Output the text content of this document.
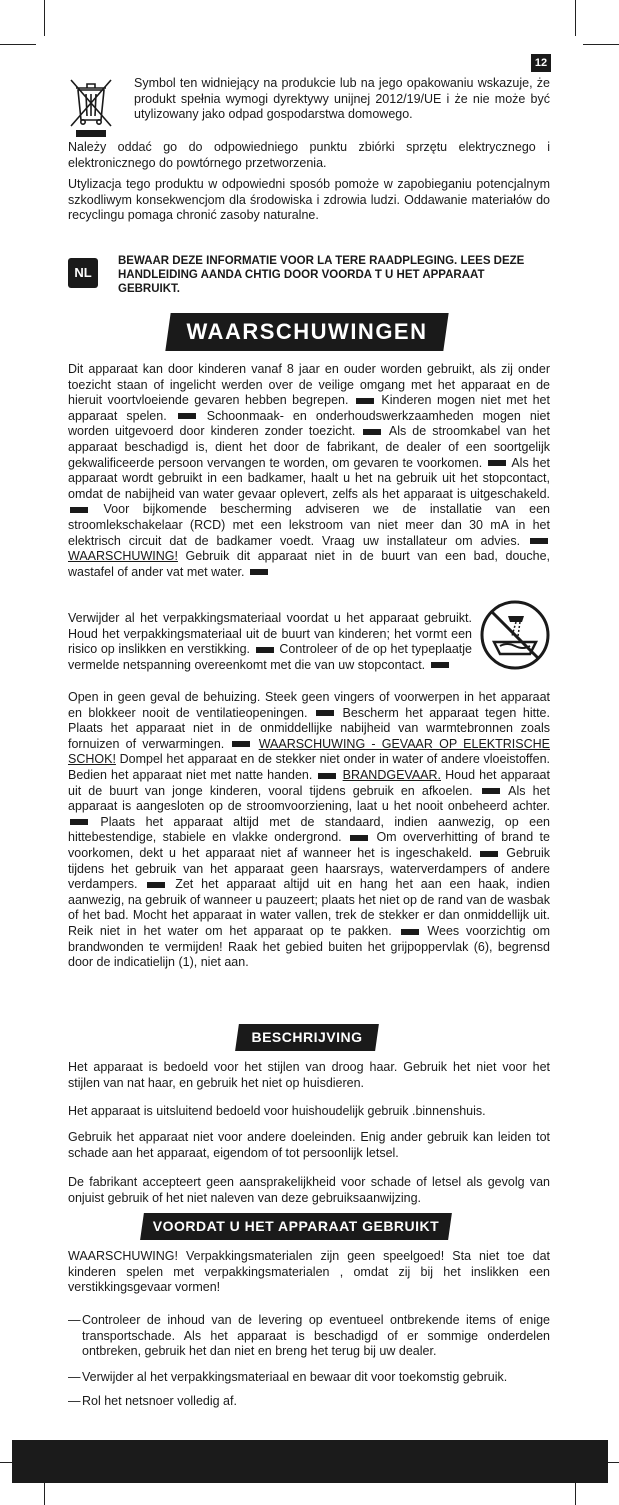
12

Symbol ten widniejący na produkcie lub na jego opakowaniu wskazuje, że produkt spełnia wymogi dyrektywy unijnej 2012/19/UE i że nie może być utylizowany jako odpad gospodarstwa domowego.

Należy oddać go do odpowiedniego punktu zbiórki sprzętu elektrycznego i elektronicznego do powtórnego przetworzenia.

Utylizacja tego produktu w odpowiedni sposób pomoże w zapobieganiu potencjalnym szkodliwym konsekwencjom dla środowiska i zdrowia ludzi. Oddawanie materiałów do recyclingu pomaga chronić zasoby naturalne.

NL

BEWAAR DEZE INFORMATIE VOOR LA TERE RAADPLEGING. LEES DEZE HANDLEIDING AANDA CHTIG DOOR VOORDA T U HET APPARAAT GEBRUIKT.

WAARSCHUWINGEN

Dit apparaat kan door kinderen vanaf 8 jaar en ouder worden gebruikt, als zij onder toezicht staan of ingelicht werden over de veilige omgang met het apparaat en de hieruit voortvloeiende gevaren hebben begrepen.	Kinderen mogen niet met het apparaat spelen.	Schoonmaak- en onderhoudswerkzaamheden mogen niet worden uitgevoerd door kinderen zonder toezicht.	Als de stroomkabel van het apparaat beschadigd is, dient het door de fabrikant, de dealer of een soortgelijk gekwalificeerde persoon vervangen te worden, om gevaren te voorkomen. Als het apparaat wordt gebruikt in een badkamer, haalt u het na gebruik uit het stopcontact, omdat de nabijheid van water gevaar oplevert, zelfs als het apparaat is uitgeschakeld.  Voor bijkomende bescherming adviseren we de installatie van een stroomlekschakelaar (RCD) met een lekstroom van niet meer dan 30 mA in het elektrisch circuit dat de badkamer voedt. Vraag uw installateur om advies.  WAARSCHUWING! Gebruik dit apparaat niet in de buurt van een bad, douche, wastafel of ander vat met water.

Verwijder al het verpakkingsmateriaal voordat u het apparaat gebruikt. Houd het verpakkingsmateriaal uit de buurt van kinderen; het vormt een risico op inslikken en verstikking. Controleer of de op het typeplaatje vermelde netspanning overeenkomt met die van uw stopcontact.

Open in geen geval de behuizing. Steek geen vingers of voorwerpen in het apparaat en blokkeer nooit de ventilatieopeningen.	Bescherm het apparaat tegen hitte. Plaats het apparaat niet in de onmiddellijke nabijheid van warmtebronnen zoals fornuizen of verwarmingen.	WAARSCHUWING - GEVAAR OP ELEKTRISCHE SCHOK! Dompel het apparaat en de stekker niet onder in water of andere vloeistoffen. Bedien het apparaat niet met natte handen. BRANDGEVAAR. Houd het apparaat uit de buurt van jonge kinderen, vooral tijdens gebruik en afkoelen.	Als het apparaat is aangesloten op de stroomvoorziening, laat u het nooit onbeheerd achter.  Plaats het apparaat altijd met de standaard, indien aanwezig, op een hittebestendige, stabiele en vlakke ondergrond.	Om oververhitting of brand te voorkomen, dekt u het apparaat niet af wanneer het is ingeschakeld.	Gebruik tijdens het gebruik van het apparaat geen haarsrays, waterverdampers of andere verdampers.	Zet het apparaat altijd uit en hang het aan een haak, indien aanwezig, na gebruik of wanneer u pauzeert; plaats het niet op de rand van de wasbak of het bad. Mocht het apparaat in water vallen, trek de stekker er dan onmiddellijk uit. Reik niet in het water om het apparaat op te pakken.	Wees voorzichtig om brandwonden te vermijden! Raak het gebied buiten het grijpoppervlak (6), begrensd door de indicatielijn (1), niet aan.

BESCHRIJVING

Het apparaat is bedoeld voor het stijlen van droog haar. Gebruik het niet voor het stijlen van nat haar, en gebruik het niet op huisdieren.

Het apparaat is uitsluitend bedoeld voor huishoudelijk gebruik .binnenshuis.

Gebruik het apparaat niet voor andere doeleinden. Enig ander gebruik kan leiden tot schade aan het apparaat, eigendom of tot persoonlijk letsel.

De fabrikant accepteert geen aansprakelijkheid voor schade of letsel als gevolg van onjuist gebruik of het niet naleven van deze gebruiksaanwijzing.

VOORDAT U HET APPARAAT GEBRUIKT

WAARSCHUWING! Verpakkingsmaterialen zijn geen speelgoed! Sta niet toe dat kinderen spelen met verpakkingsmaterialen , omdat zij bij het inslikken een verstikkingsgevaar vormen!

— Controleer de inhoud van de levering op eventueel ontbrekende items of enige transportschade. Als het apparaat is beschadigd of er sommige onderdelen ontbreken, gebruik het dan niet en breng het terug bij uw dealer.
— Verwijder al het verpakkingsmateriaal en bewaar dit voor toekomstig gebruik.
— Rol het netsnoer volledig af.
